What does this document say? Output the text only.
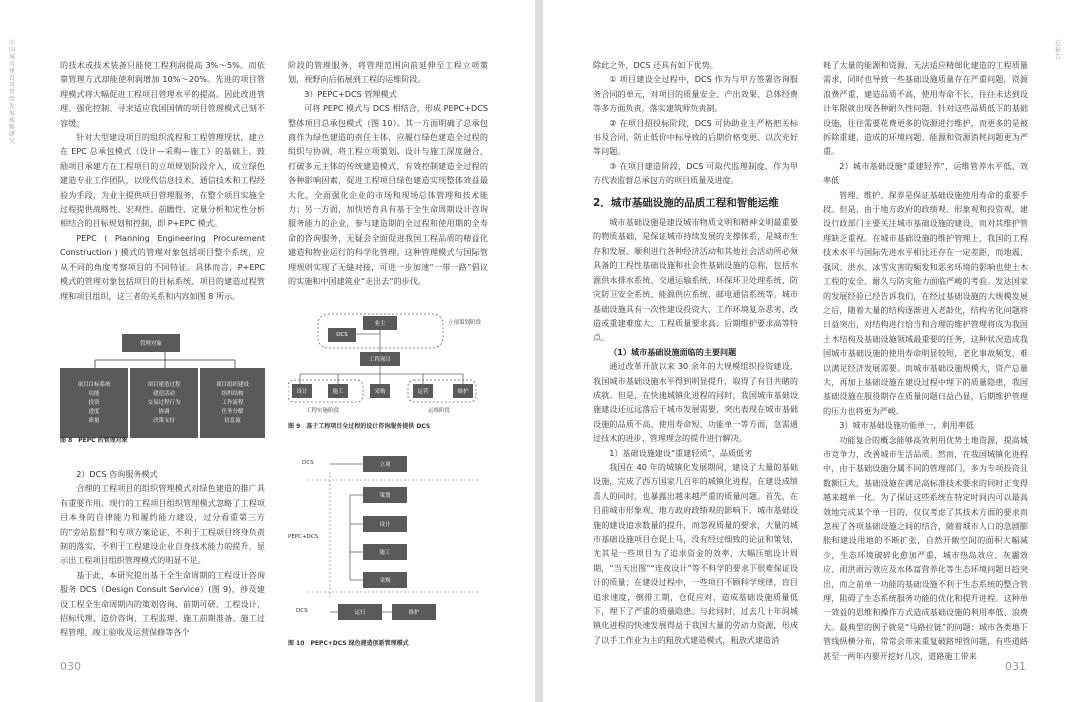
中国城市建设可持续发展战略研究

的技术或技术装备只能使工程利润提高 3%～5%。而依靠管理方式却能使利润增加 10%～20%。先进的项目管理模式将大幅促进工程项目管理水平的提高。因此改进管理、强化控制、寻求适应我国国情的项目管理模式已刻不容缓。

针对大型建设项目的组织流程和工程管理现状，建立在 EPC 总承包模式（设计—采购—施工）的基础上，鼓励项目承建方在工程项目的立项规划阶段介入，成立绿色建造专业工作团队，以现代信息技术、通信技术和工程经验为手段，为业主提供项目管理服务，在整个项目实施全过程提供战略性、宏观性、前瞻性、定量分析和定性分析相结合的目标规划和控制，即 P+EPC 模式。

PEPC ( Planning Engineering Procurement Construction ) 模式的管理对象包括项目整个系统，应从不同的角度考察项目的不同特征。具体而言，P+EPC 模式的管理对象包括项目的目标系统、项目的建造过程管理和项目组织，这三者的关系和内容如图 8 所示。

管理对象
项目目标系统
功能
投资
进度
质量
项目建造过程
建造活动
交易过程行为
协调
决策支持
项目组织建设
组织结构
工作流程
任务分解
信息流
图 8　PEPC 的管理对象

2）DCS 咨询服务模式

合理的工程项目的组织管理模式对绿色建造的推广具有重要作用。现行的工程项目组织管理模式忽略了工程项目本身的自律能力和履约能力建设，过分看重第三方的“旁站监督”和专项方案论证，不利于工程项目终身负责制的落实，不利于工程建设企业自身技术能力的提升，显示出工程项目组织管理模式的明显不足。

基于此，本研究提出基于全生命周期的工程设计咨询服务 DCS（Design Consult Service）(图 9)，涉及建设工程全生命周期内的策划咨询、前期可研、工程设计、招标代理、造价咨询、工程监理、施工前期准备、施工过程管理、竣工验收及运营保修等各个

阶段的管理服务，将管理范围向前延伸至工程立项策划，视野向后拓展到工程的运维阶段。

3）PEPC+DCS 管理模式

可将 PEPC 模式与 DCS 相结合，形成 PEPC+DCS 整体项目总承包模式（图 10）。其一方面明确了总承包商作为绿色建造的责任主体，应履行绿色建造全过程的组织与协调，将工程立项策划、设计与施工深度融合，打破多元主体的传统建造模式，有效控制建造全过程的各种影响因素，促进工程项目绿色建造实现整体效益最大化，全面强化企业的市场和现场总体管理和技术能力；另一方面，加快培育具有基于全生命周期设计咨询服务能力的企业，参与建造期的全过程和使用期的全寿命的咨询服务，无疑会全面促进我国工程品质的精益化建造和物业运行的科学化管理。这种管理模式与国际管理规则实现了无缝对接，可进一步加速“一带一路”倡议的实施和中国建筑业“走出去”的步伐。

业主
DCS
立项策划阶段
工程项目
设计	施工	采购	运营	维护
工程实施阶段	运维阶段
图 9　基于工程项目全过程的设计咨询服务提供 DCS
DCS
PEPC+DCS
DCS
立项
策划
设计
施工
采购
运行	维护
图 10　PEPC+DCS 绿色建造创新管理模式
030
总报告

除此之外，DCS 还具有如下优势。

① 项目建设全过程中，DCS 作为与甲方签署咨询服务合同的单元，对项目的质量安全、产出效果、总体经费等多方面负责，落实建筑师负责制。

② 在项目招投标阶段，DCS 可协助业主严格把关标书及合同，防止低价中标导致的后期价格变更、以次充好等问题。

③ 在项目建造阶段，DCS 可取代监理制度，作为甲方代表监督总承包方的项目质量及进度。

2．城市基础设施的品质工程和智能运维

城市基础设施是建设城市物质文明和精神文明最重要的物质基础，是保证城市持续发展的支撑体系，是城市生存和发展、顺利进行各种经济活动和其他社会活动所必须具备的工程性基础设施和社会性基础设施的总称，包括水源供水排水系统、交通运输系统、环保环卫处理系统、防灾防卫安全系统、能源供应系统、邮电通信系统等。城市基础设施具有一次性建设投资大、工作环境复杂恶劣、改造或重建难度大、工程质量要求高、后期维护要求高等特点。

（1）城市基础设施面临的主要问题

通过改革开放以来 30 余年的大规模组织投资建设，我国城市基础设施水平得到明显提升，取得了有目共睹的成就。但是，在快速城镇化进程的同时，我国城市基础设施建设还远远落后于城市发展需要，突出表现在城市基础设施的品质不高、使用寿命短、功能单一等方面，急需通过技术的进步、管理理念的提升进行解决。

1）基础设施建设“重建轻质”，品质低劣

我国在 40 年的城镇化发展期间，建设了大量的基础设施，完成了西方国家几百年的城镇化进程，在建设成绩喜人的同时，也暴露出越来越严重的质量问题。首先，在目前城市形象观、地方政府政绩观的影响下，城市基础设施的建设追求数量的提升，而忽视质量的要求，大量的城市基础设施项目仓促上马，没有经过细致的论证和策划，尤其是一些项目为了追求资金的效率，大幅压缩设计周期，“当天出图”“连夜设计”等不科学的要求下很难保证设计的质量；在建设过程中，一些项目不顾科学规律，盲目追求速度，倒排工期，仓促应对，造成基础设施质量低下，埋下了严重的质量隐患。与此同时，过去几十年间城镇化进程的快速发展得益于我国大量的劳动力资源，形成了以手工作业为主的粗放式建造模式，粗放式建造消

耗了大量的能源和资源，无法适应精细化建造的工程质量需求，同时也导致一些基础设施质量存在严重问题，资源浪费严重，建造品质不高，使用寿命不长，往往未达到设计年限就出现各种耐久性问题。针对这些品质低下的基础设施，往往需要花费更多的资源进行维护，而更多的是被拆除重建，造成的环境问题、能源和资源消耗问题更为严重。

2）城市基础设施“重建轻养”，运维管养水平低、效率低

管理、维护、保养是保证基础设施使用寿命的重要手段。但是，由于地方政府的政绩观、形象观和投资观，建设行政部门主要关注城市基础设施的建设，而对其维护管理缺乏重视。在城市基础设施的维护管理上，我国的工程技术水平与国际先进水平相比还存在一定差距，而地震、强风、洪水、冰雪灾害的频发和恶劣环境的影响也使土木工程的安全、耐久与防灾能力面临严峻的考验。发达国家的发展经验已经告诉我们，在经过基础设施的大规模发展之后，随着大量的结构逐渐进入老龄化，结构劣化问题将日益突出，对结构进行恰当和合理的维护管理将成为我国土木结构及基础设施领域最重要的任务，这种状况造成我国城市基础设施的使用寿命明显较短，老化事故频发，难以满足经济发展需要。而城市基础设施规模大，资产总量大，再加上基础设施在建设过程中埋下的质量隐患，我国基础设施在服役期存在质量问题日益凸显，后期维护管理的压力也将更为严峻。

3）城市基础设施功能单一，利用率低

功能复合的概念能够高效利用优势土地资源，提高城市竞争力，改善城市生活品质。然而，在我国城镇化进程中，由于基础设施分属不同的管理部门，多为专项投资且数额巨大，基础设施在满足高标准技术要求的同时正变得越来越单一化。为了保证这些系统在特定时间内可以最高效地完成某个单一目的，仅仅考虑了其技术方面的要求而忽视了各项基础设施之间的结合，随着城市人口的急剧膨胀和建设用地的不断扩张，自然开敞空间的面积大幅减少，生态环境破碎化愈加严重，城市热岛效应、灰霾效应、雨洪雨污效应及水体富营养化等生态环境问题日趋突出，而之前单一功能的基础设施不利于生态系统的整合管理，阻碍了生态系统服务功能的优化和提升进程。这种单一效益的思维和操作方式造成基础设施的利用率低、浪费大。最典型的例子就是“马路拉链”的问题：城市各类地下管线纵横分布，常常会带来重复破路埋管问题，有些道路甚至一两年内要开挖好几次，道路施工带来

031
